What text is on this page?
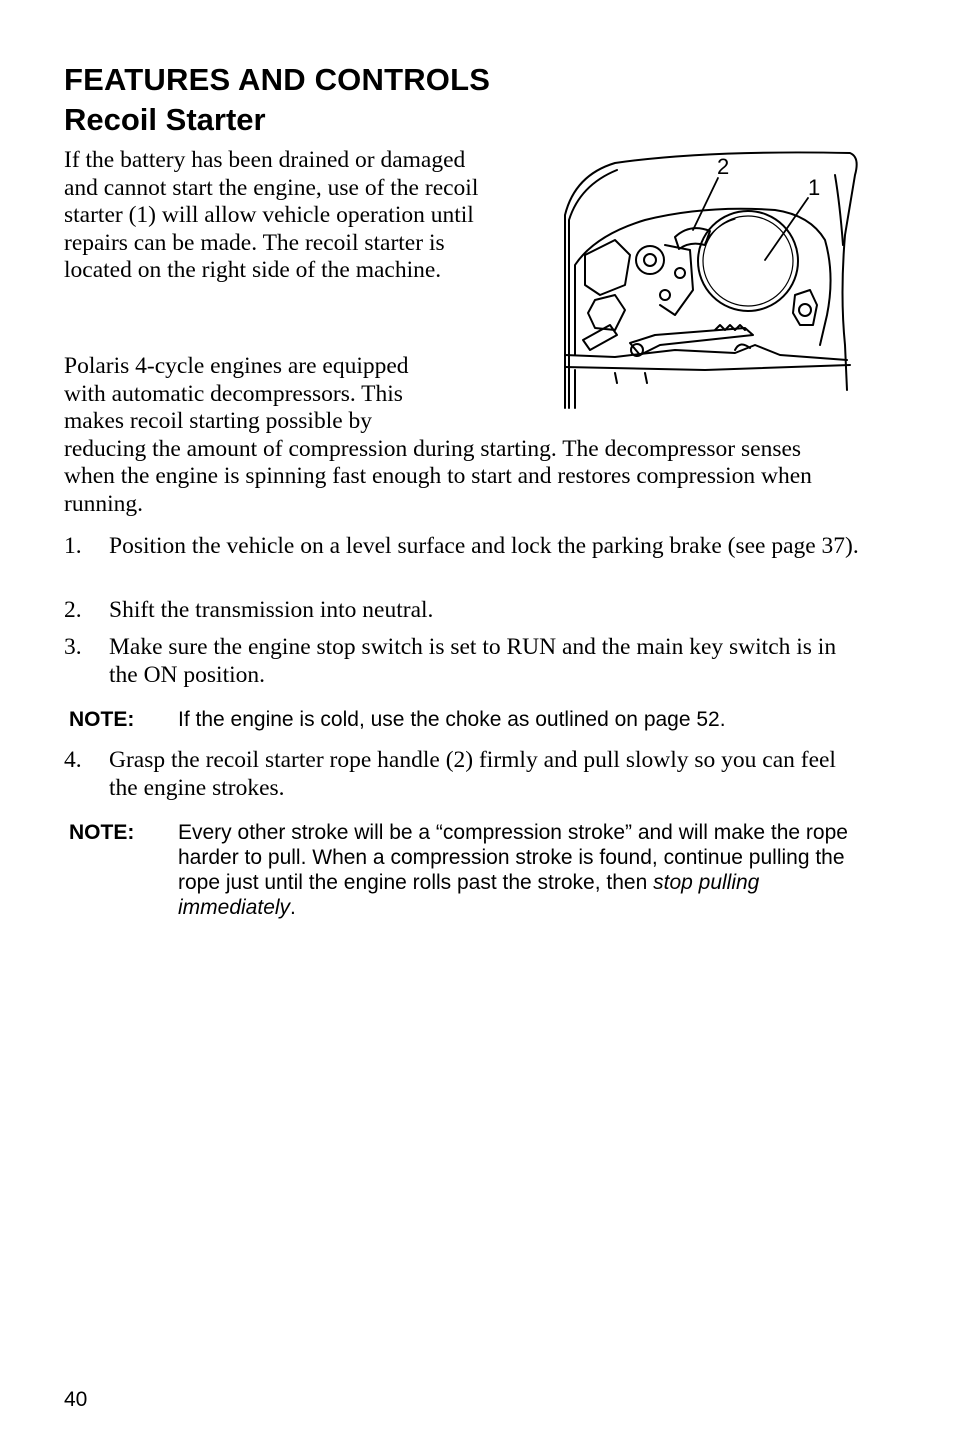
FEATURES AND CONTROLS
Recoil Starter

If the battery has been drained or damaged and cannot start the engine, use of the recoil starter (1) will allow vehicle operation until repairs can be made. The recoil starter is located on the right side of the machine.

2
1

Polaris 4-cycle engines are equipped with automatic decompressors. This makes recoil starting possible by reducing the amount of compression during starting. The decompressor senses when the engine is spinning fast enough to start and restores compression when running.

1. Position the vehicle on a level surface and lock the parking brake (see page 37).
2. Shift the transmission into neutral.
3. Make sure the engine stop switch is set to RUN and the main key switch is in the ON position.
NOTE: If the engine is cold, use the choke as outlined on page 52.
4. Grasp the recoil starter rope handle (2) firmly and pull slowly so you can feel the engine strokes.
NOTE: Every other stroke will be a “compression stroke” and will make the rope harder to pull. When a compression stroke is found, continue pulling the rope just until the engine rolls past the stroke, then stop pulling immediately.
40
